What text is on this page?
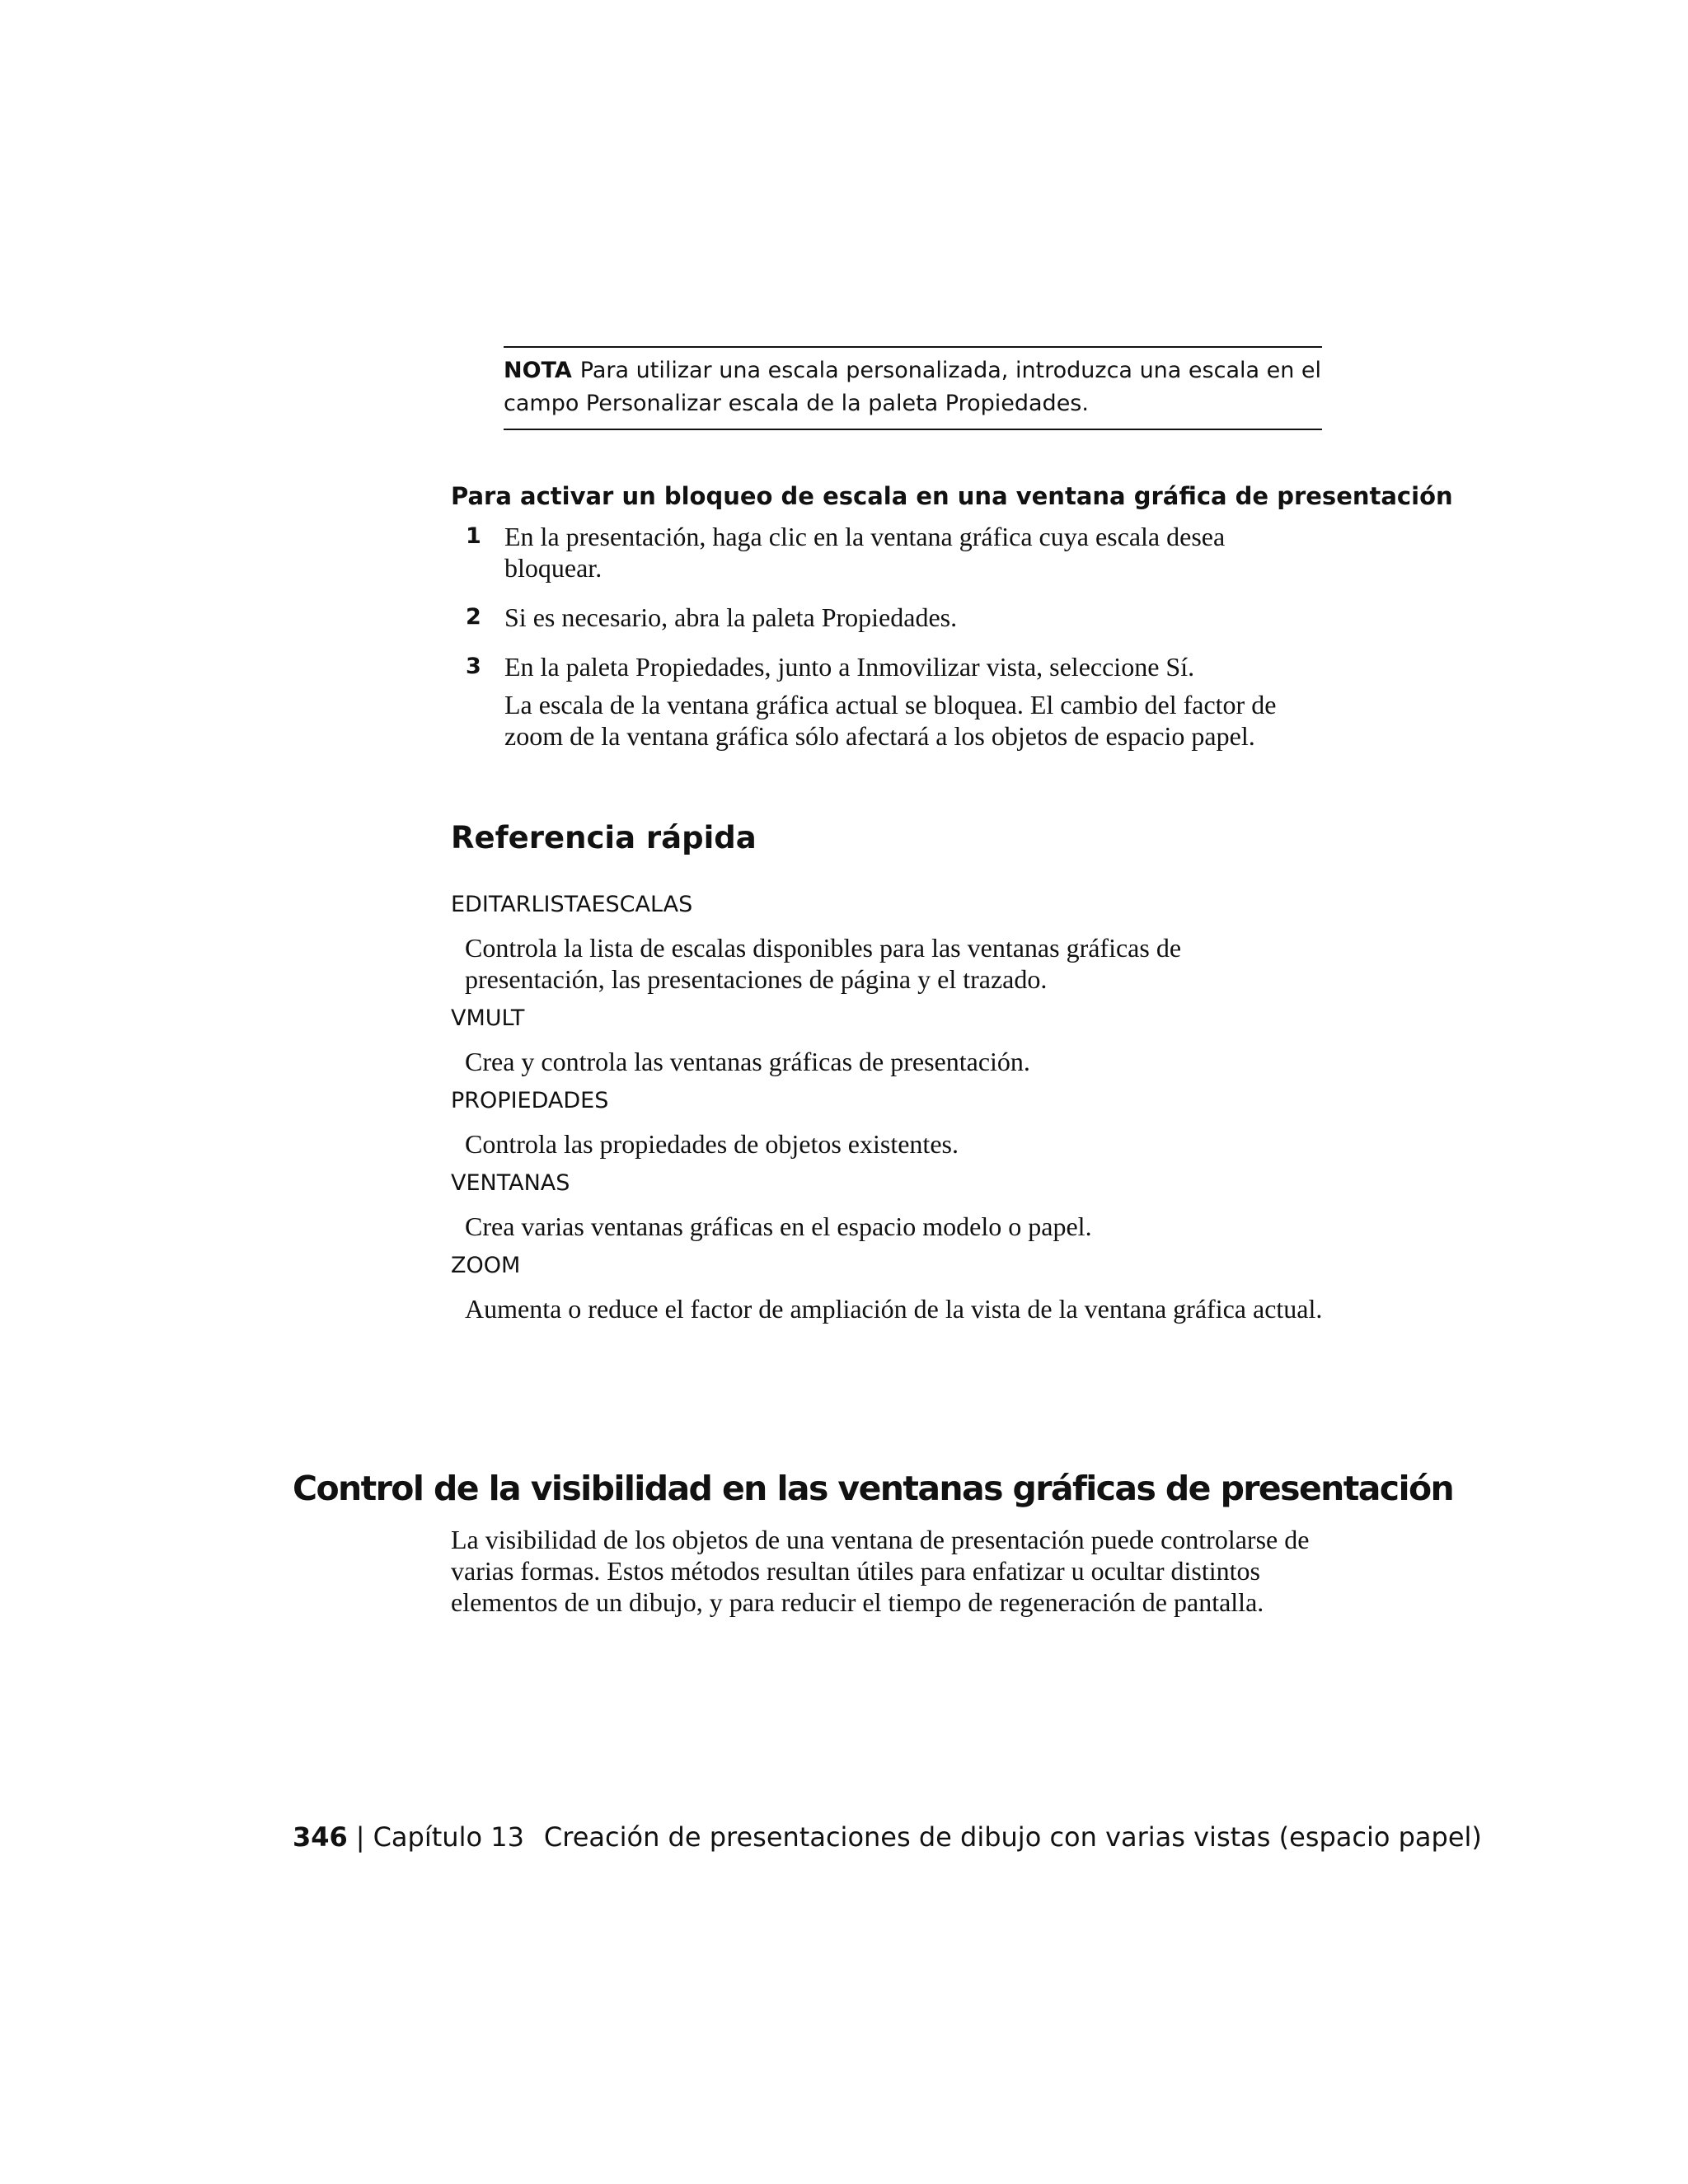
NOTA Para utilizar una escala personalizada, introduzca una escala en el campo Personalizar escala de la paleta Propiedades.
Para activar un bloqueo de escala en una ventana gráfica de presentación
1 En la presentación, haga clic en la ventana gráfica cuya escala desea bloquear.
2 Si es necesario, abra la paleta Propiedades.
3 En la paleta Propiedades, junto a Inmovilizar vista, seleccione Sí.
La escala de la ventana gráfica actual se bloquea. El cambio del factor de zoom de la ventana gráfica sólo afectará a los objetos de espacio papel.
Referencia rápida
EDITARLISTAESCALAS
Controla la lista de escalas disponibles para las ventanas gráficas de presentación, las presentaciones de página y el trazado.
VMULT
Crea y controla las ventanas gráficas de presentación.
PROPIEDADES
Controla las propiedades de objetos existentes.
VENTANAS
Crea varias ventanas gráficas en el espacio modelo o papel.
ZOOM
Aumenta o reduce el factor de ampliación de la vista de la ventana gráfica actual.
Control de la visibilidad en las ventanas gráficas de presentación
La visibilidad de los objetos de una ventana de presentación puede controlarse de varias formas. Estos métodos resultan útiles para enfatizar u ocultar distintos elementos de un dibujo, y para reducir el tiempo de regeneración de pantalla.
346 | Capítulo 13 Creación de presentaciones de dibujo con varias vistas (espacio papel)
